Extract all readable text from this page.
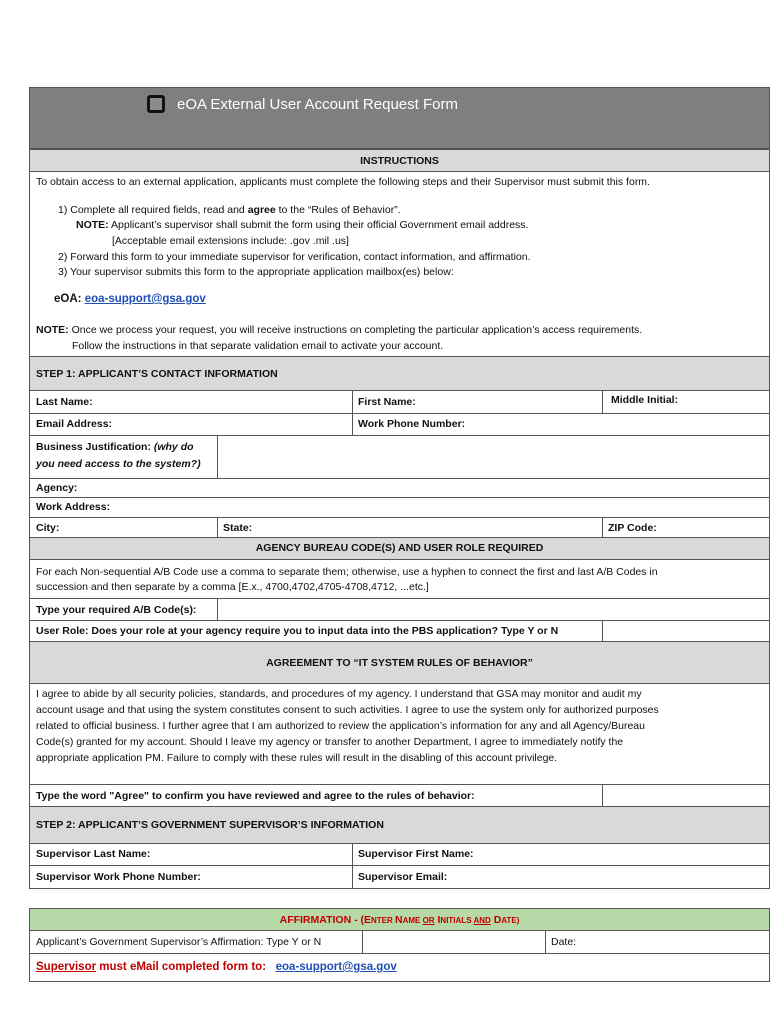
eOA External User Account Request Form
INSTRUCTIONS
To obtain access to an external application, applicants must complete the following steps and their Supervisor must submit this form.
1) Complete all required fields, read and agree to the “Rules of Behavior”.
NOTE: Applicant’s supervisor shall submit the form using their official Government email address.
[Acceptable email extensions include: .gov .mil .us]
2) Forward this form to your immediate supervisor for verification, contact information, and affirmation.
3) Your supervisor submits this form to the appropriate application mailbox(es) below:
eOA: eoa-support@gsa.gov
NOTE: Once we process your request, you will receive instructions on completing the particular application’s access requirements.
Follow the instructions in that separate validation email to activate your account.
STEP 1: APPLICANT’S CONTACT INFORMATION
Last Name:	First Name:	Middle Initial:
Email Address:	Work Phone Number:
Business Justification: (why do
you need access to the system?)
Agency:
Work Address:
City:	State:	ZIP Code:
AGENCY BUREAU CODE(S) AND USER ROLE REQUIRED
For each Non-sequential A/B Code use a comma to separate them; otherwise, use a hyphen to connect the first and last A/B Codes in
succession and then separate by a comma [E.x., 4700,4702,4705-4708,4712, ...etc.]
Type your required A/B Code(s):
User Role: Does your role at your agency require you to input data into the PBS application? Type Y or N
AGREEMENT TO “IT SYSTEM RULES OF BEHAVIOR”
I agree to abide by all security policies, standards, and procedures of my agency. I understand that GSA may monitor and audit my
account usage and that using the system constitutes consent to such activities. I agree to use the system only for authorized purposes
related to official business. I further agree that I am authorized to review the application’s information for any and all Agency/Bureau
Code(s) granted for my account. Should I leave my agency or transfer to another Department, I agree to immediately notify the
appropriate application PM. Failure to comply with these rules will result in the disabling of this account privilege.
Type the word "Agree" to confirm you have reviewed and agree to the rules of behavior:
STEP 2: APPLICANT’S GOVERNMENT SUPERVISOR’S INFORMATION
Supervisor Last Name:	Supervisor First Name:
Supervisor Work Phone Number:	Supervisor Email:
AFFIRMATION - (ENTER NAME OR INITIALS AND DATE)
Applicant’s Government Supervisor’s Affirmation: Type Y or N	Date:
Supervisor must eMail completed form to: eoa-support@gsa.gov
